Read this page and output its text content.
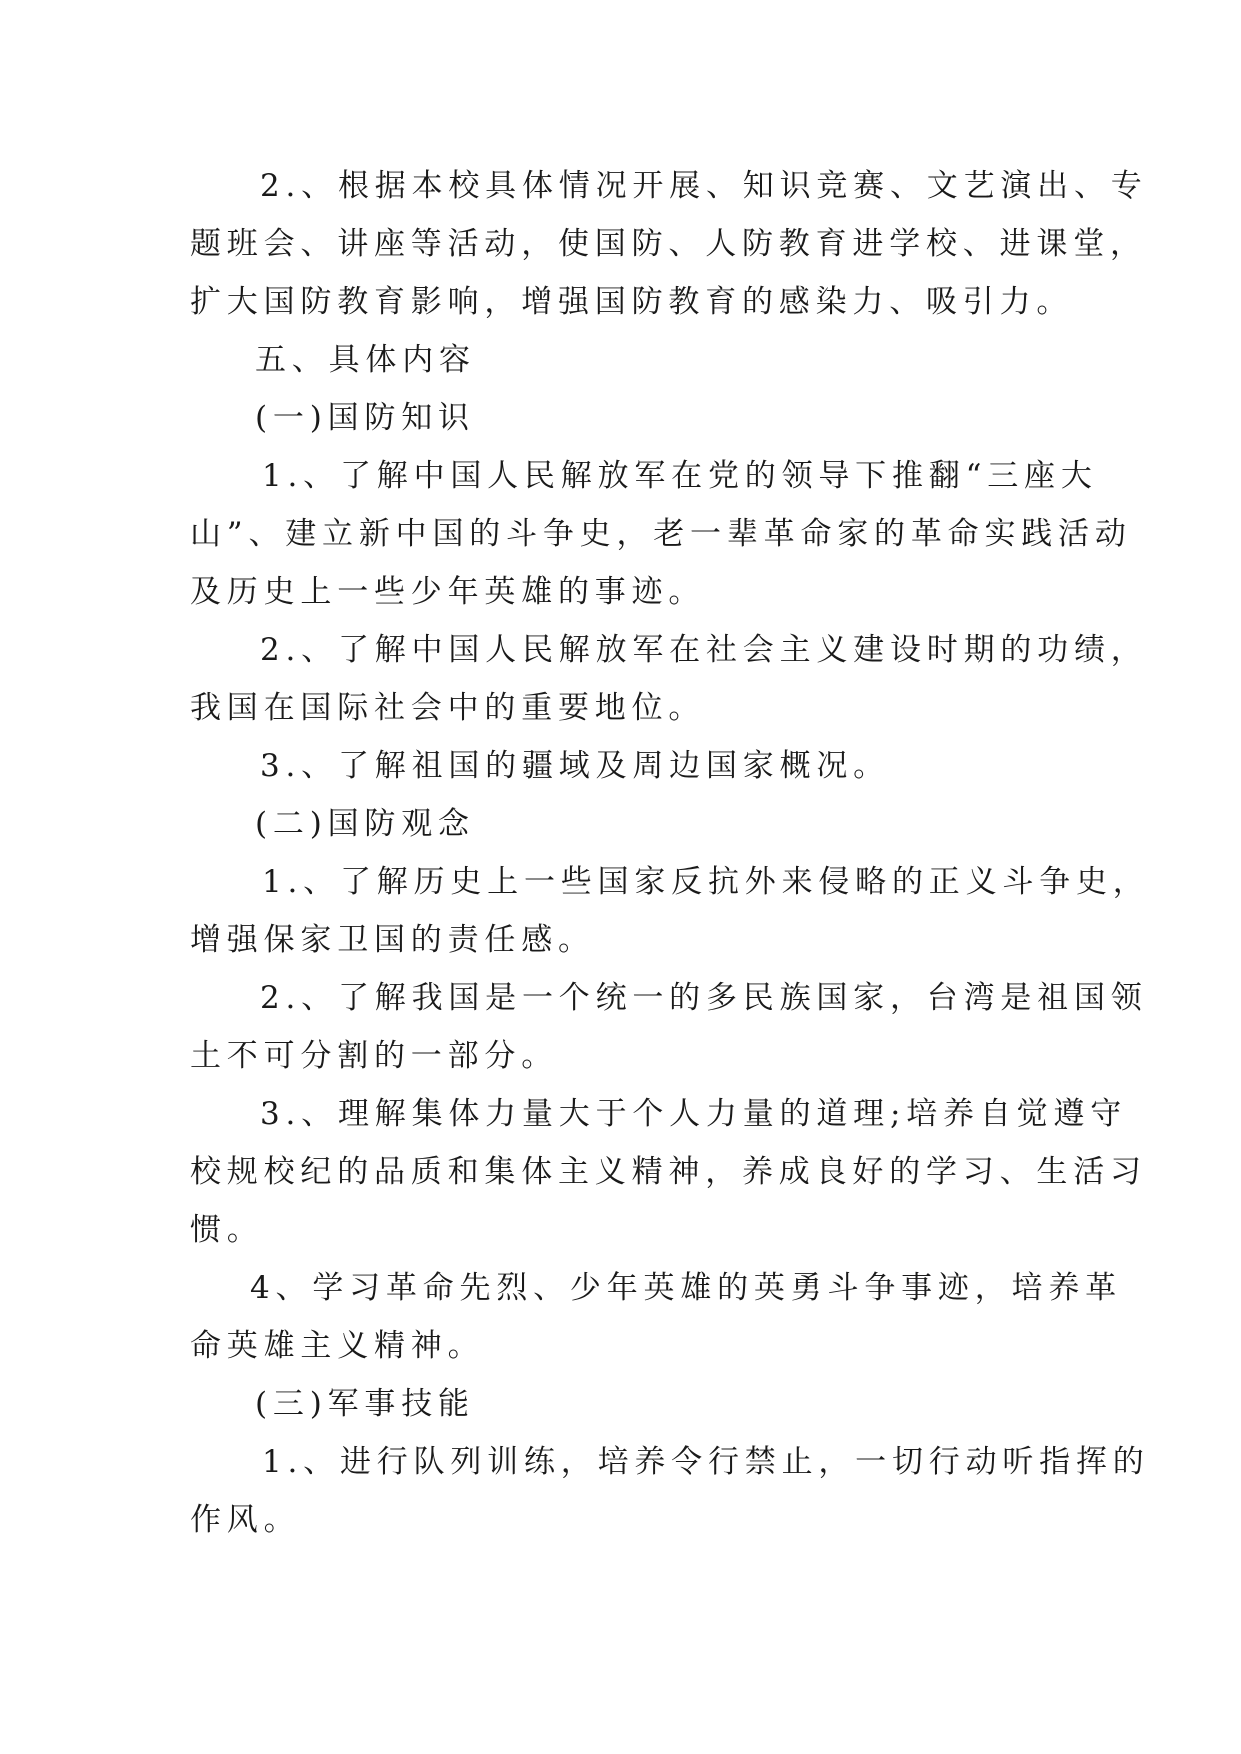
2.、根据本校具体情况开展、知识竞赛、文艺演出、专
题班会、讲座等活动，使国防、人防教育进学校、进课堂，
扩大国防教育影响，增强国防教育的感染力、吸引力。
五、具体内容
(一)国防知识
1.、了解中国人民解放军在党的领导下推翻“三座大
山”、建立新中国的斗争史，老一辈革命家的革命实践活动
及历史上一些少年英雄的事迹。
2.、了解中国人民解放军在社会主义建设时期的功绩，
我国在国际社会中的重要地位。
3.、了解祖国的疆域及周边国家概况。
(二)国防观念
1.、了解历史上一些国家反抗外来侵略的正义斗争史，
增强保家卫国的责任感。
2.、了解我国是一个统一的多民族国家，台湾是祖国领
土不可分割的一部分。
3.、理解集体力量大于个人力量的道理;培养自觉遵守
校规校纪的品质和集体主义精神，养成良好的学习、生活习
惯。
4、学习革命先烈、少年英雄的英勇斗争事迹，培养革
命英雄主义精神。
(三)军事技能
1.、进行队列训练，培养令行禁止，一切行动听指挥的
作风。
